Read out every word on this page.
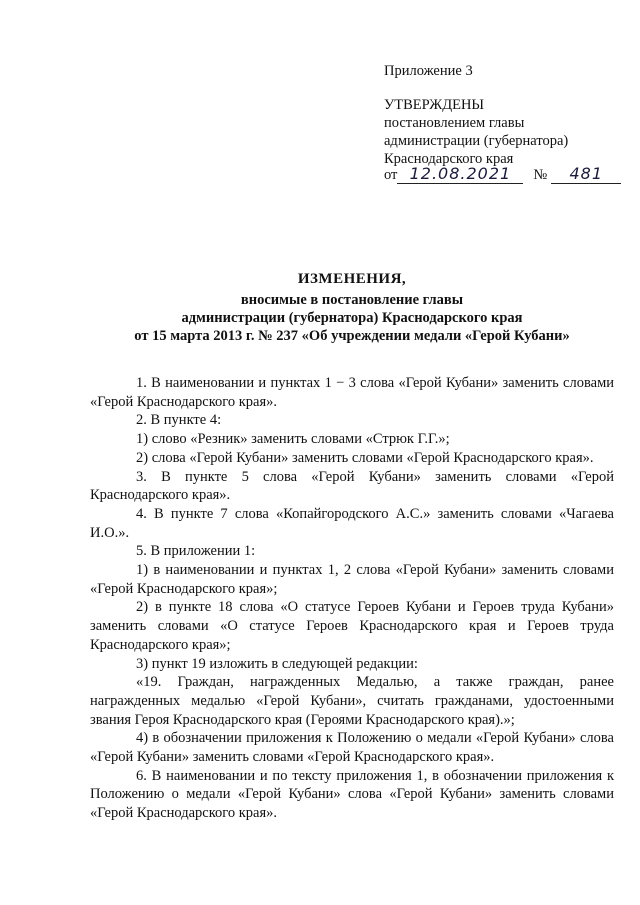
Приложение 3
УТВЕРЖДЕНЫ
постановлением главы
администрации (губернатора)
Краснодарского края
от 12.08.2021 № 481
ИЗМЕНЕНИЯ,
вносимые в постановление главы
администрации (губернатора) Краснодарского края
от 15 марта 2013 г. № 237 «Об учреждении медали «Герой Кубани»

1. В наименовании и пунктах 1 − 3 слова «Герой Кубани» заменить словами «Герой Краснодарского края».

2. В пункте 4:

1) слово «Резник» заменить словами «Стрюк Г.Г.»;

2) слова «Герой Кубани» заменить словами «Герой Краснодарского края».

3. В пункте 5 слова «Герой Кубани» заменить словами «Герой Краснодарского края».

4. В пункте 7 слова «Копайгородского А.С.» заменить словами «Чагаева И.О.».

5. В приложении 1:

1) в наименовании и пунктах 1, 2 слова «Герой Кубани» заменить словами «Герой Краснодарского края»;

2) в пункте 18 слова «О статусе Героев Кубани и Героев труда Кубани» заменить словами «О статусе Героев Краснодарского края и Героев труда Краснодарского края»;

3) пункт 19 изложить в следующей редакции:

«19. Граждан, награжденных Медалью, а также граждан, ранее награжденных медалью «Герой Кубани», считать гражданами, удостоенными звания Героя Краснодарского края (Героями Краснодарского края).»;

4) в обозначении приложения к Положению о медали «Герой Кубани» слова «Герой Кубани» заменить словами «Герой Краснодарского края».

6. В наименовании и по тексту приложения 1, в обозначении приложения к Положению о медали «Герой Кубани» слова «Герой Кубани» заменить словами «Герой Краснодарского края».
